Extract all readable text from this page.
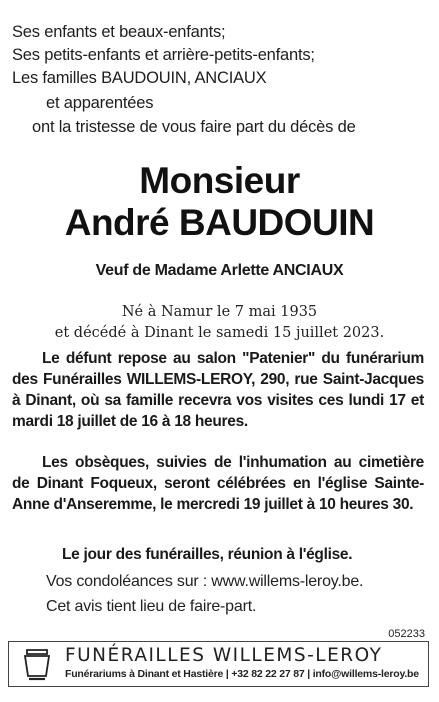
Ses enfants et beaux-enfants;
Ses petits-enfants et arrière-petits-enfants;
Les familles BAUDOUIN, ANCIAUX
et apparentées
ont la tristesse de vous faire part du décès de
Monsieur
André BAUDOUIN
Veuf de Madame Arlette ANCIAUX
Né à Namur le 7 mai 1935
et décédé à Dinant le samedi 15 juillet 2023.
Le défunt repose au salon "Patenier" du funérarium des Funérailles WILLEMS-LEROY, 290, rue Saint-Jacques à Dinant, où sa famille recevra vos visites ces lundi 17 et mardi 18 juillet de 16 à 18 heures.
Les obsèques, suivies de l'inhumation au cimetière de Dinant Foqueux, seront célébrées en l'église Sainte-Anne d'Anseremme, le mercredi 19 juillet à 10 heures 30.
Le jour des funérailles, réunion à l'église.
Vos condoléances sur : www.willems-leroy.be.
Cet avis tient lieu de faire-part.
052233
FUNÉRAILLES WILLEMS-LEROY
Funérariums à Dinant et Hastière | +32 82 22 27 87 | info@willems-leroy.be
